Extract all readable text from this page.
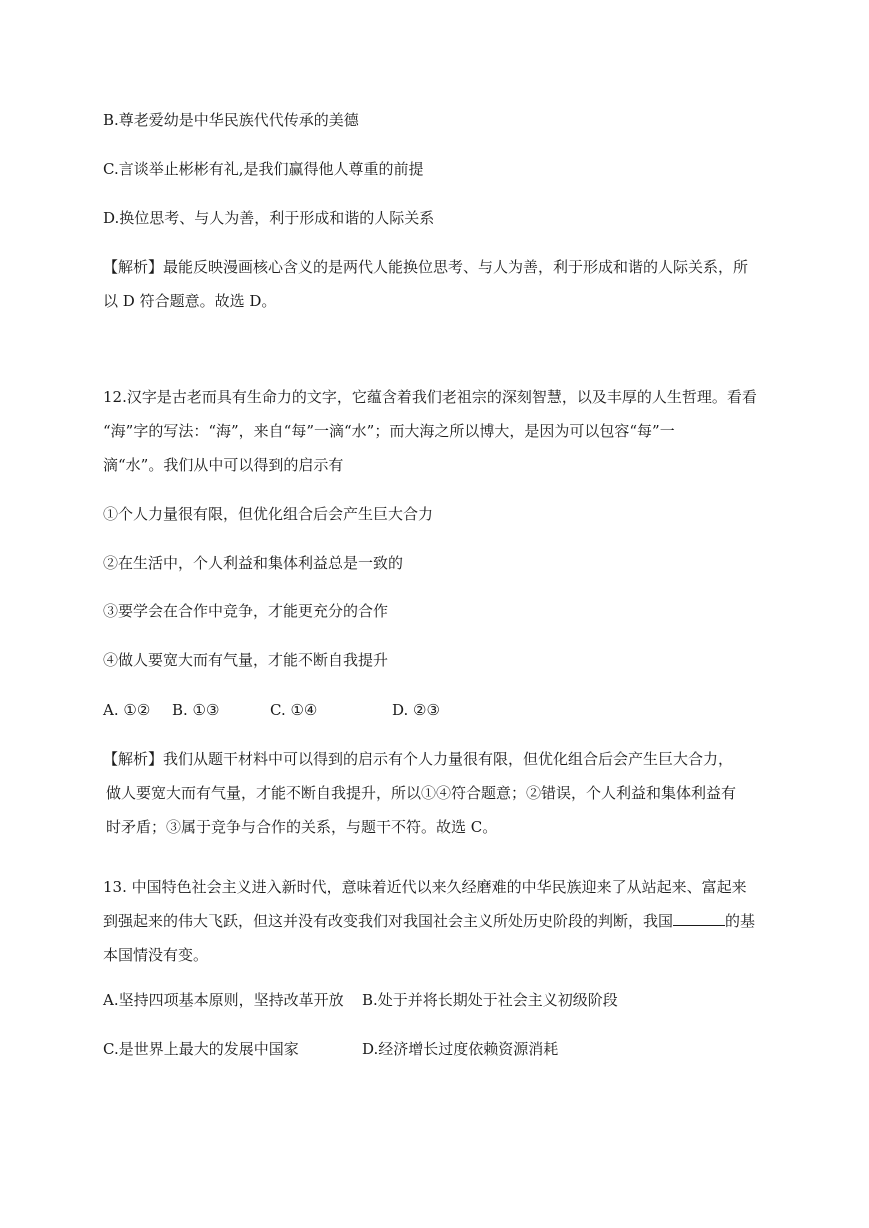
B.尊老爱幼是中华民族代代传承的美德
C.言谈举止彬彬有礼,是我们赢得他人尊重的前提
D.换位思考、与人为善，利于形成和谐的人际关系
【解析】最能反映漫画核心含义的是两代人能换位思考、与人为善，利于形成和谐的人际关系，所
以 D 符合题意。故选 D。
12.汉字是古老而具有生命力的文字，它蕴含着我们老祖宗的深刻智慧，以及丰厚的人生哲理。看看
“海”字的写法：“海”，来自“每”一滴“水”；而大海之所以博大，是因为可以包容“每”一
滴“水”。我们从中可以得到的启示有
①个人力量很有限，但优化组合后会产生巨大合力
②在生活中，个人利益和集体利益总是一致的
③要学会在合作中竞争，才能更充分的合作
④做人要宽大而有气量，才能不断自我提升
A. ①② B. ①③	C. ①④	D. ②③
【解析】我们从题干材料中可以得到的启示有个人力量很有限，但优化组合后会产生巨大合力，
做人要宽大而有气量，才能不断自我提升，所以①④符合题意；②错误，个人利益和集体利益有
时矛盾；③属于竞争与合作的关系，与题干不符。故选 C。
13. 中国特色社会主义进入新时代，意味着近代以来久经磨难的中华民族迎来了从站起来、富起来
到强起来的伟大飞跃，但这并没有改变我们对我国社会主义所处历史阶段的判断，我国	的基
本国情没有变。
A.坚持四项基本原则，坚持改革开放 B.处于并将长期处于社会主义初级阶段
C.是世界上最大的发展中国家	D.经济增长过度依赖资源消耗
